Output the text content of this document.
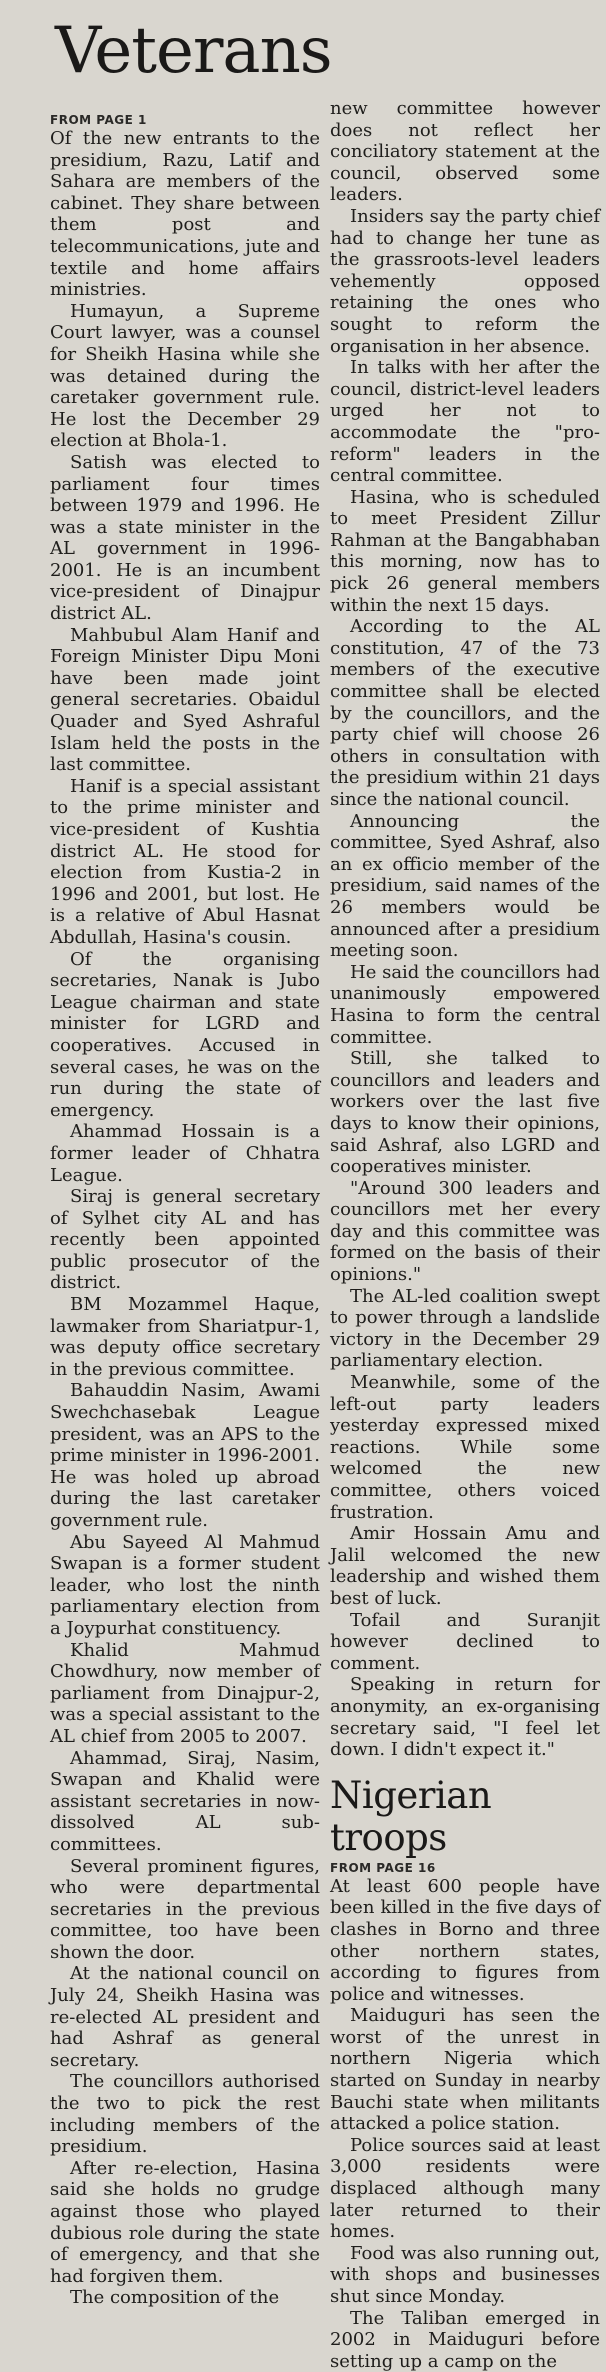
Veterans
FROM PAGE 1

Of the new entrants to the presidium, Razu, Latif and Sahara are members of the cabinet. They share between them post and telecommunications, jute and textile and home affairs ministries.

Humayun, a Supreme Court lawyer, was a counsel for Sheikh Hasina while she was detained during the caretaker government rule. He lost the December 29 election at Bhola-1.

Satish was elected to parliament four times between 1979 and 1996. He was a state minister in the AL government in 1996-2001. He is an incumbent vice-president of Dinajpur district AL.

Mahbubul Alam Hanif and Foreign Minister Dipu Moni have been made joint general secretaries. Obaidul Quader and Syed Ashraful Islam held the posts in the last committee.

Hanif is a special assistant to the prime minister and vice-president of Kushtia district AL. He stood for election from Kustia-2 in 1996 and 2001, but lost. He is a relative of Abul Hasnat Abdullah, Hasina's cousin.

Of the organising secretaries, Nanak is Jubo League chairman and state minister for LGRD and cooperatives. Accused in several cases, he was on the run during the state of emergency.

Ahammad Hossain is a former leader of Chhatra League.

Siraj is general secretary of Sylhet city AL and has recently been appointed public prosecutor of the district.

BM Mozammel Haque, lawmaker from Shariatpur-1, was deputy office secretary in the previous committee.

Bahauddin Nasim, Awami Swechchasebak League president, was an APS to the prime minister in 1996-2001. He was holed up abroad during the last caretaker government rule.

Abu Sayeed Al Mahmud Swapan is a former student leader, who lost the ninth parliamentary election from a Joypurhat constituency.

Khalid Mahmud Chowdhury, now member of parliament from Dinajpur-2, was a special assistant to the AL chief from 2005 to 2007.

Ahammad, Siraj, Nasim, Swapan and Khalid were assistant secretaries in now-dissolved AL sub-committees.

Several prominent figures, who were departmental secretaries in the previous committee, too have been shown the door.

At the national council on July 24, Sheikh Hasina was re-elected AL president and had Ashraf as general secretary.

The councillors authorised the two to pick the rest including members of the presidium.

After re-election, Hasina said she holds no grudge against those who played dubious role during the state of emergency, and that she had forgiven them.

The composition of the

new committee however does not reflect her conciliatory statement at the council, observed some leaders.

Insiders say the party chief had to change her tune as the grassroots-level leaders vehemently opposed retaining the ones who sought to reform the organisation in her absence.

In talks with her after the council, district-level leaders urged her not to accommodate the "pro-reform" leaders in the central committee.

Hasina, who is scheduled to meet President Zillur Rahman at the Bangabhaban this morning, now has to pick 26 general members within the next 15 days.

According to the AL constitution, 47 of the 73 members of the executive committee shall be elected by the councillors, and the party chief will choose 26 others in consultation with the presidium within 21 days since the national council.

Announcing the committee, Syed Ashraf, also an ex officio member of the presidium, said names of the 26 members would be announced after a presidium meeting soon.

He said the councillors had unanimously empowered Hasina to form the central committee.

Still, she talked to councillors and leaders and workers over the last five days to know their opinions, said Ashraf, also LGRD and cooperatives minister.

"Around 300 leaders and councillors met her every day and this committee was formed on the basis of their opinions."

The AL-led coalition swept to power through a landslide victory in the December 29 parliamentary election.

Meanwhile, some of the left-out party leaders yesterday expressed mixed reactions. While some welcomed the new committee, others voiced frustration.

Amir Hossain Amu and Jalil welcomed the new leadership and wished them best of luck.

Tofail and Suranjit however declined to comment.

Speaking in return for anonymity, an ex-organising secretary said, "I feel let down. I didn't expect it."

Nigerian troops
FROM PAGE 16

At least 600 people have been killed in the five days of clashes in Borno and three other northern states, according to figures from police and witnesses.

Maiduguri has seen the worst of the unrest in northern Nigeria which started on Sunday in nearby Bauchi state when militants attacked a police station.

Police sources said at least 3,000 residents were displaced although many later returned to their homes.

Food was also running out, with shops and businesses shut since Monday.

The Taliban emerged in 2002 in Maiduguri before setting up a camp on the
